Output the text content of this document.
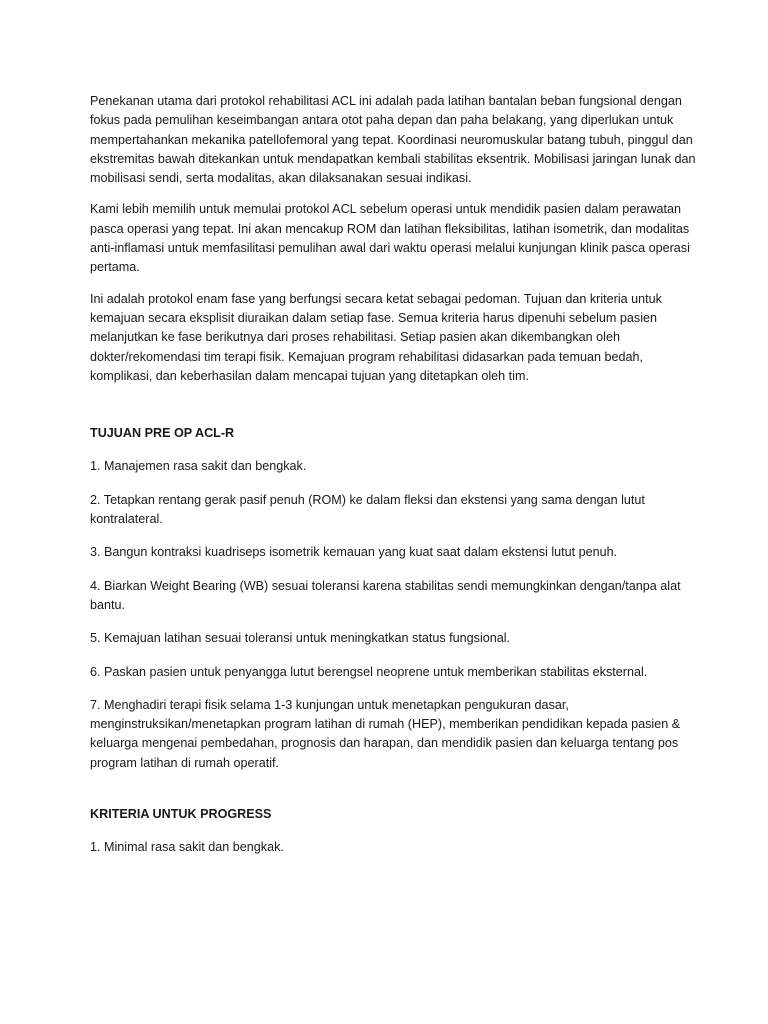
Penekanan utama dari protokol rehabilitasi ACL ini adalah pada latihan bantalan beban fungsional dengan fokus pada pemulihan keseimbangan antara otot paha depan dan paha belakang, yang diperlukan untuk mempertahankan mekanika patellofemoral yang tepat. Koordinasi neuromuskular batang tubuh, pinggul dan ekstremitas bawah ditekankan untuk mendapatkan kembali stabilitas eksentrik. Mobilisasi jaringan lunak dan mobilisasi sendi, serta modalitas, akan dilaksanakan sesuai indikasi.

Kami lebih memilih untuk memulai protokol ACL sebelum operasi untuk mendidik pasien dalam perawatan pasca operasi yang tepat. Ini akan mencakup ROM dan latihan fleksibilitas, latihan isometrik, dan modalitas anti-inflamasi untuk memfasilitasi pemulihan awal dari waktu operasi melalui kunjungan klinik pasca operasi pertama.

Ini adalah protokol enam fase yang berfungsi secara ketat sebagai pedoman. Tujuan dan kriteria untuk kemajuan secara eksplisit diuraikan dalam setiap fase. Semua kriteria harus dipenuhi sebelum pasien melanjutkan ke fase berikutnya dari proses rehabilitasi. Setiap pasien akan dikembangkan oleh dokter/rekomendasi tim terapi fisik. Kemajuan program rehabilitasi didasarkan pada temuan bedah, komplikasi, dan keberhasilan dalam mencapai tujuan yang ditetapkan oleh tim.

TUJUAN PRE OP ACL-R

1. Manajemen rasa sakit dan bengkak.

2. Tetapkan rentang gerak pasif penuh (ROM) ke dalam fleksi dan ekstensi yang sama dengan lutut kontralateral.

3. Bangun kontraksi kuadriseps isometrik kemauan yang kuat saat dalam ekstensi lutut penuh.

4. Biarkan Weight Bearing (WB) sesuai toleransi karena stabilitas sendi memungkinkan dengan/tanpa alat bantu.

5. Kemajuan latihan sesuai toleransi untuk meningkatkan status fungsional.

6. Paskan pasien untuk penyangga lutut berengsel neoprene untuk memberikan stabilitas eksternal.

7. Menghadiri terapi fisik selama 1-3 kunjungan untuk menetapkan pengukuran dasar, menginstruksikan/menetapkan program latihan di rumah (HEP), memberikan pendidikan kepada pasien & keluarga mengenai pembedahan, prognosis dan harapan, dan mendidik pasien dan keluarga tentang pos program latihan di rumah operatif.

KRITERIA UNTUK PROGRESS

1. Minimal rasa sakit dan bengkak.
